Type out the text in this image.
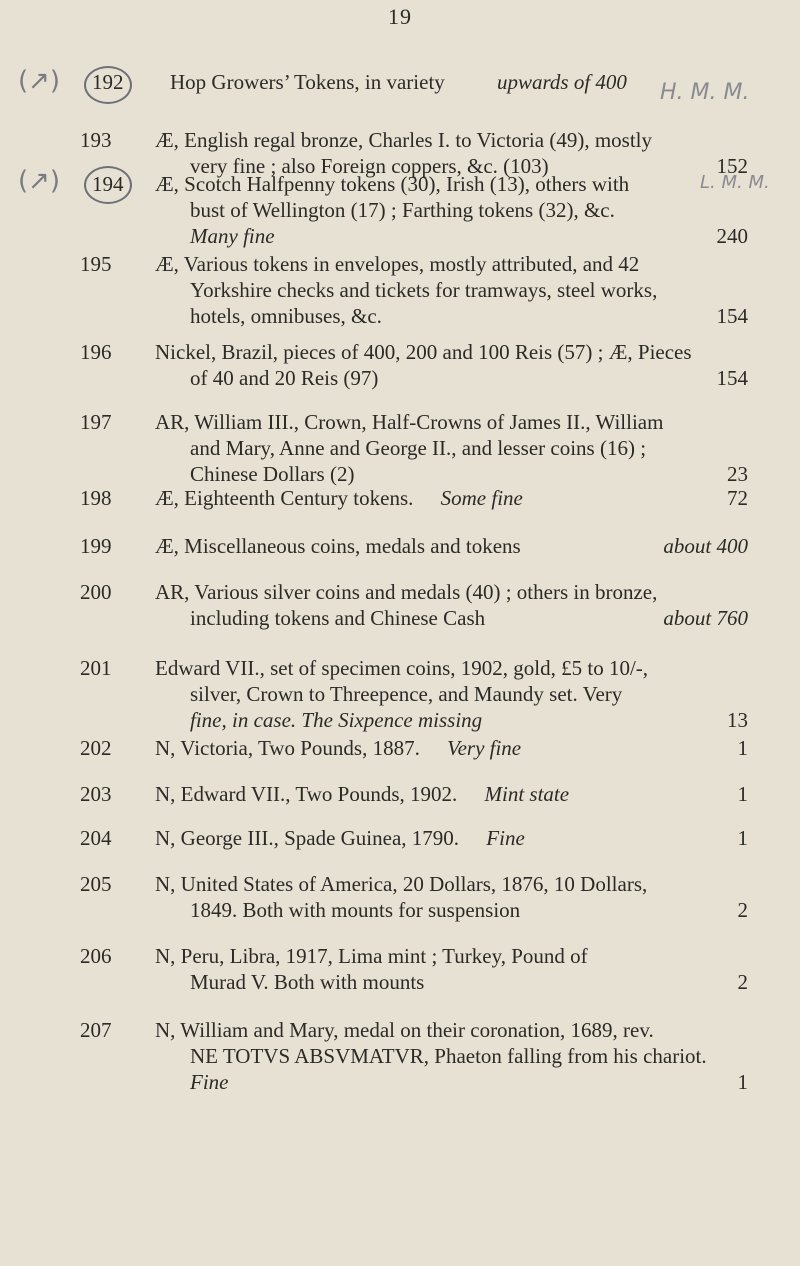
19
(↗)
(↗)
H. M. M.
L. M. M.
192	Hop Growers’ Tokens, in variety upwards of 400
193	Æ, English regal bronze, Charles I. to Victoria (49), mostly
very fine ; also Foreign coppers, &c. (103)	152
194	Æ, Scotch Halfpenny tokens (30), Irish (13), others with
bust of Wellington (17) ; Farthing tokens (32), &c.
Many fine	240
195	Æ, Various tokens in envelopes, mostly attributed, and 42
Yorkshire checks and tickets for tramways, steel works,
hotels, omnibuses, &c.	154
196	Nickel, Brazil, pieces of 400, 200 and 100 Reis (57) ; Æ, Pieces
of 40 and 20 Reis (97)	154
197	AR, William III., Crown, Half-Crowns of James II., William
and Mary, Anne and George II., and lesser coins (16) ;
Chinese Dollars (2)	23
198	Æ, Eighteenth Century tokens. Some fine	72
199	Æ, Miscellaneous coins, medals and tokens	about 400
200	AR, Various silver coins and medals (40) ; others in bronze,
including tokens and Chinese Cash	about 760
201	Edward VII., set of specimen coins, 1902, gold, £5 to 10/-,
silver, Crown to Threepence, and Maundy set. Very
fine, in case. The Sixpence missing	13
202	N, Victoria, Two Pounds, 1887. Very fine	1
203	N, Edward VII., Two Pounds, 1902. Mint state	1
204	N, George III., Spade Guinea, 1790. Fine	1
205	N, United States of America, 20 Dollars, 1876, 10 Dollars,
1849. Both with mounts for suspension	2
206	N, Peru, Libra, 1917, Lima mint ; Turkey, Pound of
Murad V. Both with mounts	2
207	N, William and Mary, medal on their coronation, 1689, rev.
NE TOTVS ABSVMATVR, Phaeton falling from his chariot.
Fine	1
